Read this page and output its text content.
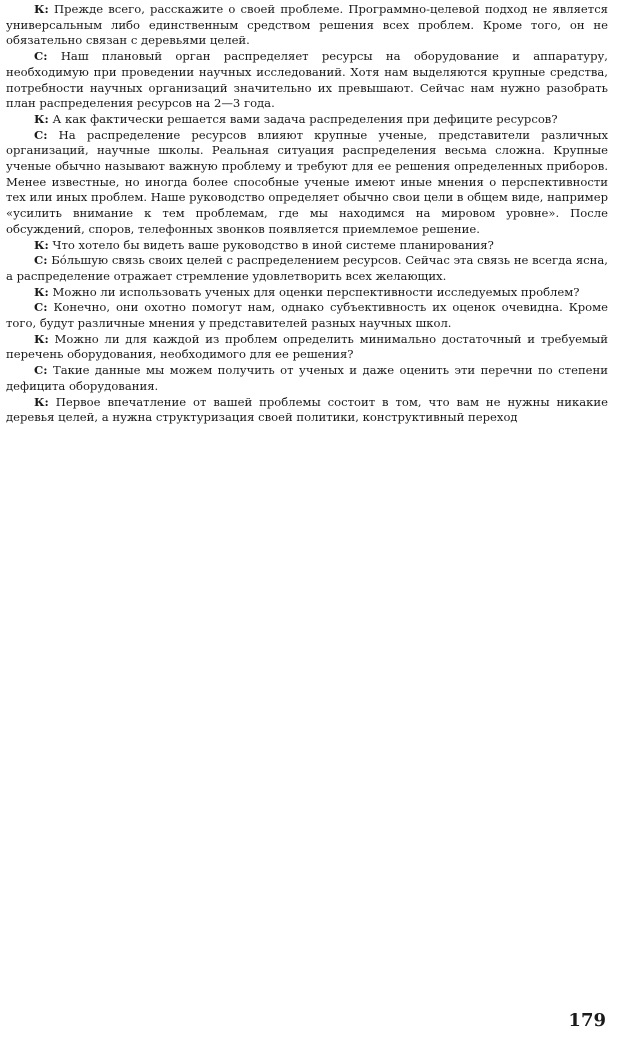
К: Прежде всего, расскажите о своей проблеме. Программно-целевой подход не является универсальным либо единственным средством решения всех проблем. Кроме того, он не обязательно связан с деревьями целей.

С: Наш плановый орган распределяет ресурсы на оборудование и аппаратуру, необходимую при проведении научных исследований. Хотя нам выделяются крупные средства, потребности научных организаций значительно их превышают. Сейчас нам нужно разобрать план распределения ресурсов на 2—3 года.

К: А как фактически решается вами задача распределения при дефиците ресурсов?

С: На распределение ресурсов влияют крупные ученые, представители различных организаций, научные школы. Реальная ситуация распределения весьма сложна. Крупные ученые обычно называют важную проблему и требуют для ее решения определенных приборов. Менее известные, но иногда более способные ученые имеют иные мнения о перспективности тех или иных проблем. Наше руководство определяет обычно свои цели в общем виде, например «усилить внимание к тем проблемам, где мы находимся на мировом уровне». После обсуждений, споров, телефонных звонков появляется приемлемое решение.

К: Что хотело бы видеть ваше руководство в иной системе планирования?

С: Бóльшую связь своих целей с распределением ресурсов. Сейчас эта связь не всегда ясна, а распределение отражает стремление удовлетворить всех желающих.

К: Можно ли использовать ученых для оценки перспективности исследуемых проблем?

С: Конечно, они охотно помогут нам, однако субъективность их оценок очевидна. Кроме того, будут различные мнения у представителей разных научных школ.

К: Можно ли для каждой из проблем определить минимально достаточный и требуемый перечень оборудования, необходимого для ее решения?

С: Такие данные мы можем получить от ученых и даже оценить эти перечни по степени дефицита оборудования.

К: Первое впечатление от вашей проблемы состоит в том, что вам не нужны никакие деревья целей, а нужна структуризация своей политики, конструктивный переход

179
